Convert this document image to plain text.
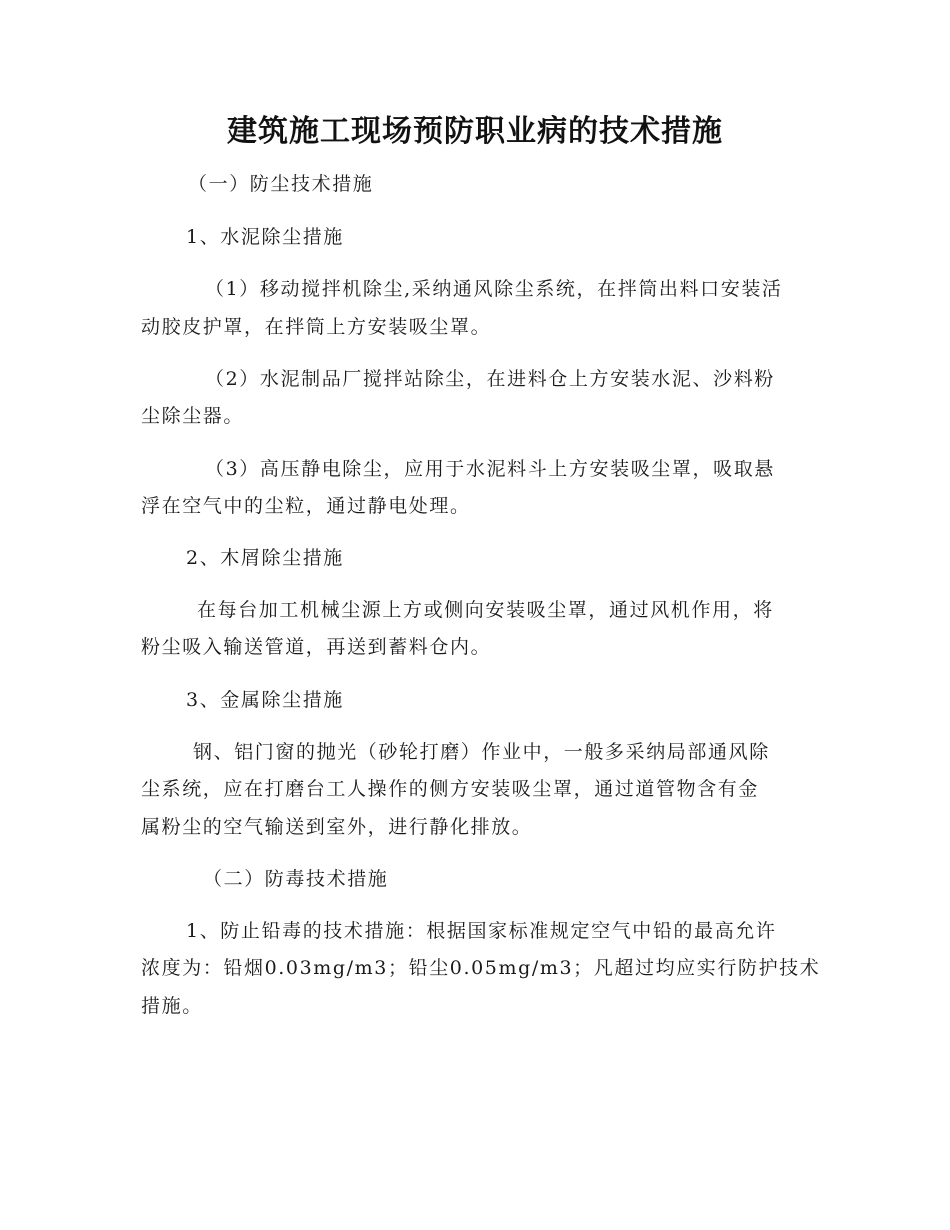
建筑施工现场预防职业病的技术措施
（一）防尘技术措施
1、水泥除尘措施
（1）移动搅拌机除尘,采纳通风除尘系统，在拌筒出料口安装活
动胶皮护罩，在拌筒上方安装吸尘罩。
（2）水泥制品厂搅拌站除尘，在进料仓上方安装水泥、沙料粉
尘除尘器。
（3）高压静电除尘，应用于水泥料斗上方安装吸尘罩，吸取悬
浮在空气中的尘粒，通过静电处理。
2、木屑除尘措施
在每台加工机械尘源上方或侧向安装吸尘罩，通过风机作用，将
粉尘吸入输送管道，再送到蓄料仓内。
3、金属除尘措施
钢、铝门窗的抛光（砂轮打磨）作业中，一般多采纳局部通风除
尘系统，应在打磨台工人操作的侧方安装吸尘罩，通过道管物含有金
属粉尘的空气输送到室外，进行静化排放。
（二）防毒技术措施
1、防止铅毒的技术措施：根据国家标准规定空气中铅的最高允许
浓度为：铅烟0.03mg/m3；铅尘0.05mg/m3；凡超过均应实行防护技术
措施。
